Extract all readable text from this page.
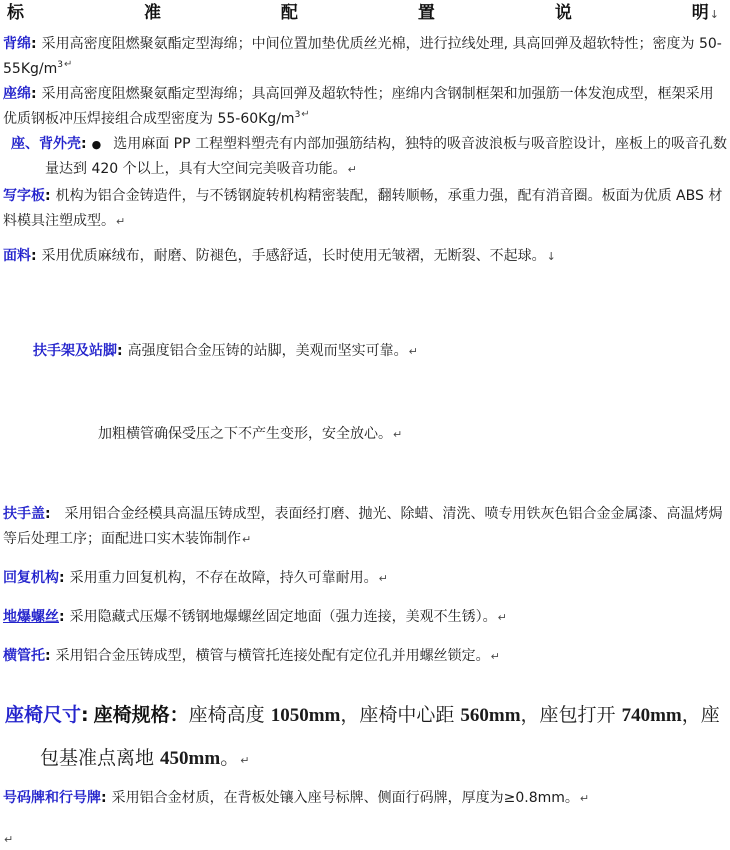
标	准	配	置	说	明↓

背绵: 采用高密度阻燃聚氨酯定型海绵；中间位置加垫优质丝光棉，进行拉线处理, 具高回弹及超软特性；密度为 $50-55Kg/m^{3↵}$

座绵: 采用高密度阻燃聚氨酯定型海绵；具高回弹及超软特性；座绵内含钢制框架和加强筋一体发泡成型，框架采用优质钢板冲压焊接组合成型密度为 $55-60Kg/m^{3↵}$

座、背外壳: ● 选用麻面 PP 工程塑料塑壳有内部加强筋结构，独特的吸音波浪板与吸音腔设计，座板上的吸音孔数量达到 420 个以上，具有大空间完美吸音功能。↵

写字板: 机构为铝合金铸造件，与不锈钢旋转机构精密装配，翻转顺畅，承重力强，配有消音圈。板面为优质 ABS 材料模具注塑成型。↵

面料: 采用优质麻绒布，耐磨、防褪色，手感舒适，长时使用无皱褶，无断裂、不起球。↓

扶手架及站脚: 高强度铝合金压铸的站脚，美观而坚实可靠。↵

加粗横管确保受压之下不产生变形，安全放心。↵

扶手盖:  采用铝合金经模具高温压铸成型，表面经打磨、抛光、除蜡、清洗、喷专用铁灰色铝合金金属漆、高温烤焗等后处理工序；面配进口实木装饰制作↵

回复机构: 采用重力回复机构，不存在故障，持久可靠耐用。↵

地爆螺丝: 采用隐藏式压爆不锈钢地爆螺丝固定地面（强力连接，美观不生锈）。↵

横管托: 采用铝合金压铸成型，横管与横管托连接处配有定位孔并用螺丝锁定。↵

座椅尺寸: 座椅规格：座椅高度 1050mm，座椅中心距 560mm，座包打开 740mm，座包基准点离地 450mm。↵

号码牌和行号牌: 采用铝合金材质，在背板处镶入座号标牌、侧面行码牌，厚度为≥0.8mm。↵

↵
